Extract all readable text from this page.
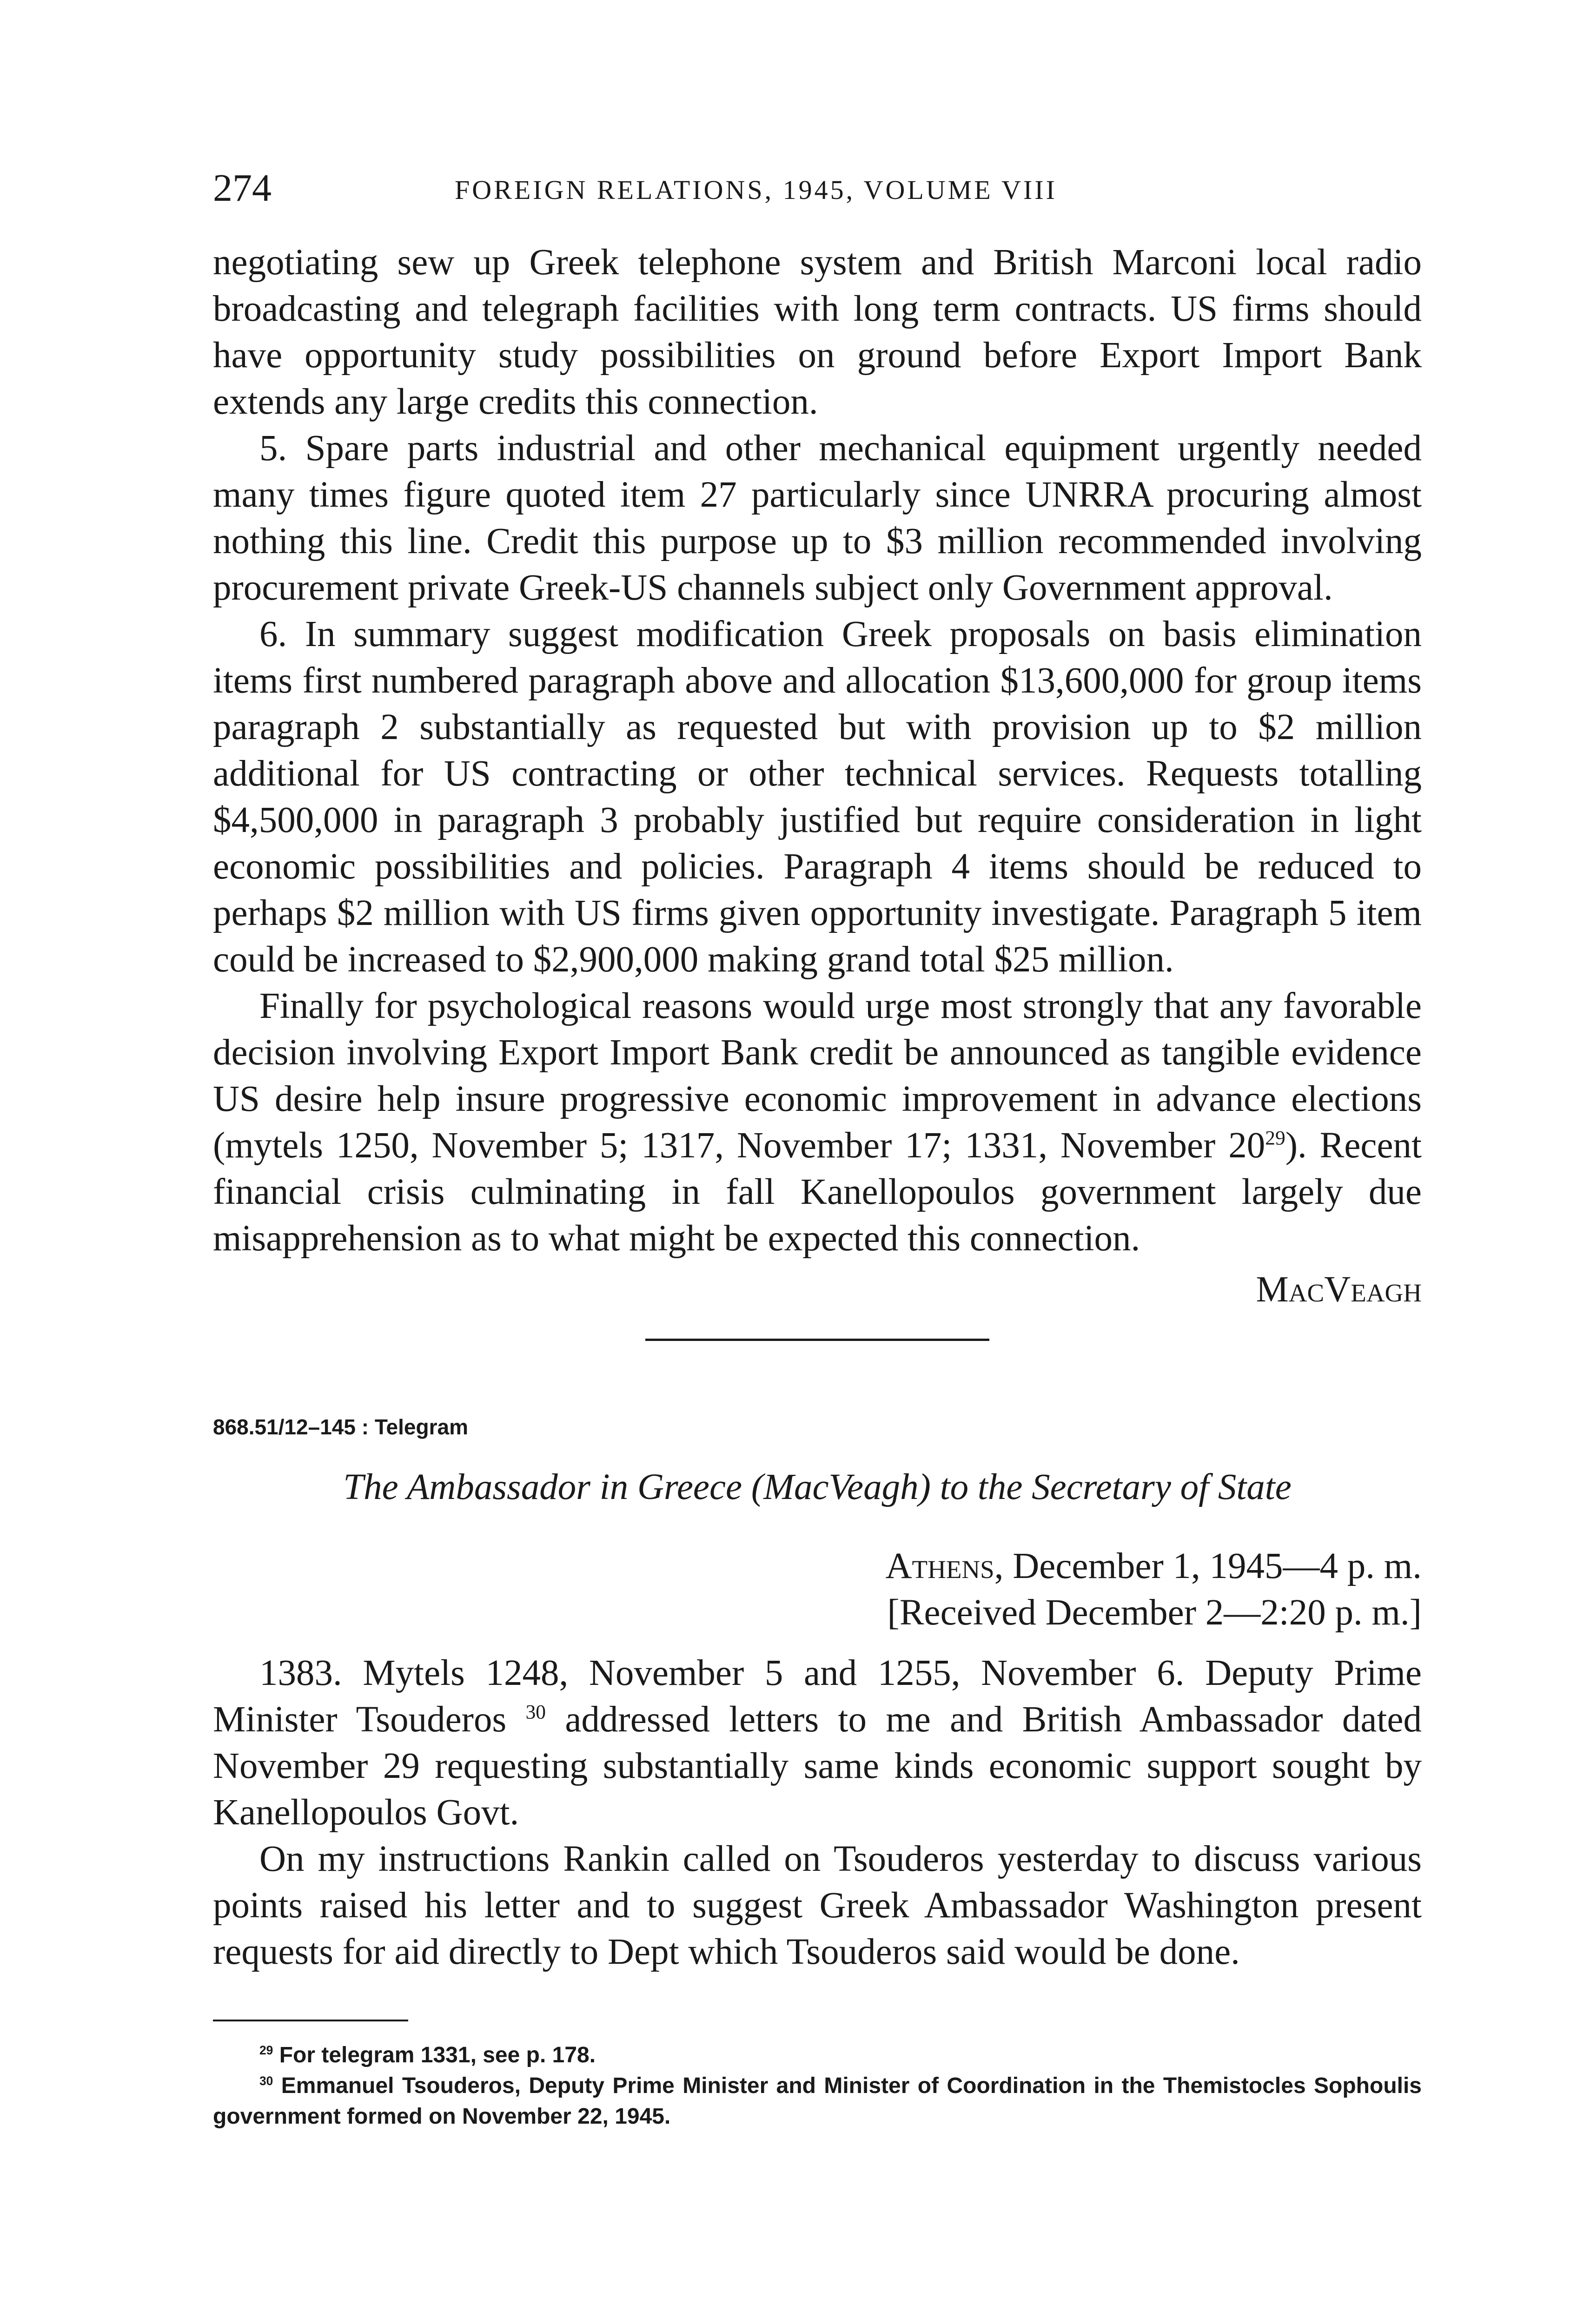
274	FOREIGN RELATIONS, 1945, VOLUME VIII

negotiating sew up Greek telephone system and British Marconi local radio broadcasting and telegraph facilities with long term contracts. US firms should have opportunity study possibilities on ground before Export Import Bank extends any large credits this connection.

5. Spare parts industrial and other mechanical equipment urgently needed many times figure quoted item 27 particularly since UNRRA procuring almost nothing this line. Credit this purpose up to $3 million recommended involving procurement private Greek-US channels subject only Government approval.

6. In summary suggest modification Greek proposals on basis elimination items first numbered paragraph above and allocation $13,600,000 for group items paragraph 2 substantially as requested but with provision up to $2 million additional for US contracting or other technical services. Requests totalling $4,500,000 in paragraph 3 probably justified but require consideration in light economic possibilities and policies. Paragraph 4 items should be reduced to perhaps $2 million with US firms given opportunity investigate. Paragraph 5 item could be increased to $2,900,000 making grand total $25 million.

Finally for psychological reasons would urge most strongly that any favorable decision involving Export Import Bank credit be announced as tangible evidence US desire help insure progressive economic improvement in advance elections (mytels 1250, November 5; 1317, November 17; 1331, November $20^{29}$). Recent financial crisis culminating in fall Kanellopoulos government largely due misapprehension as to what might be expected this connection.

MacVeagh
868.51/12–145 : Telegram
The Ambassador in Greece (MacVeagh) to the Secretary of State
Athens, December 1, 1945—4 p. m.
[Received December 2—2:20 p. m.]

1383. Mytels 1248, November 5 and 1255, November 6. Deputy Prime Minister Tsouderos $^{30}$ addressed letters to me and British Ambassador dated November 29 requesting substantially same kinds economic support sought by Kanellopoulos Govt.

On my instructions Rankin called on Tsouderos yesterday to discuss various points raised his letter and to suggest Greek Ambassador Washington present requests for aid directly to Dept which Tsouderos said would be done.

$^{29}$ For telegram 1331, see p. 178.

$^{30}$ Emmanuel Tsouderos, Deputy Prime Minister and Minister of Coordination in the Themistocles Sophoulis government formed on November 22, 1945.
